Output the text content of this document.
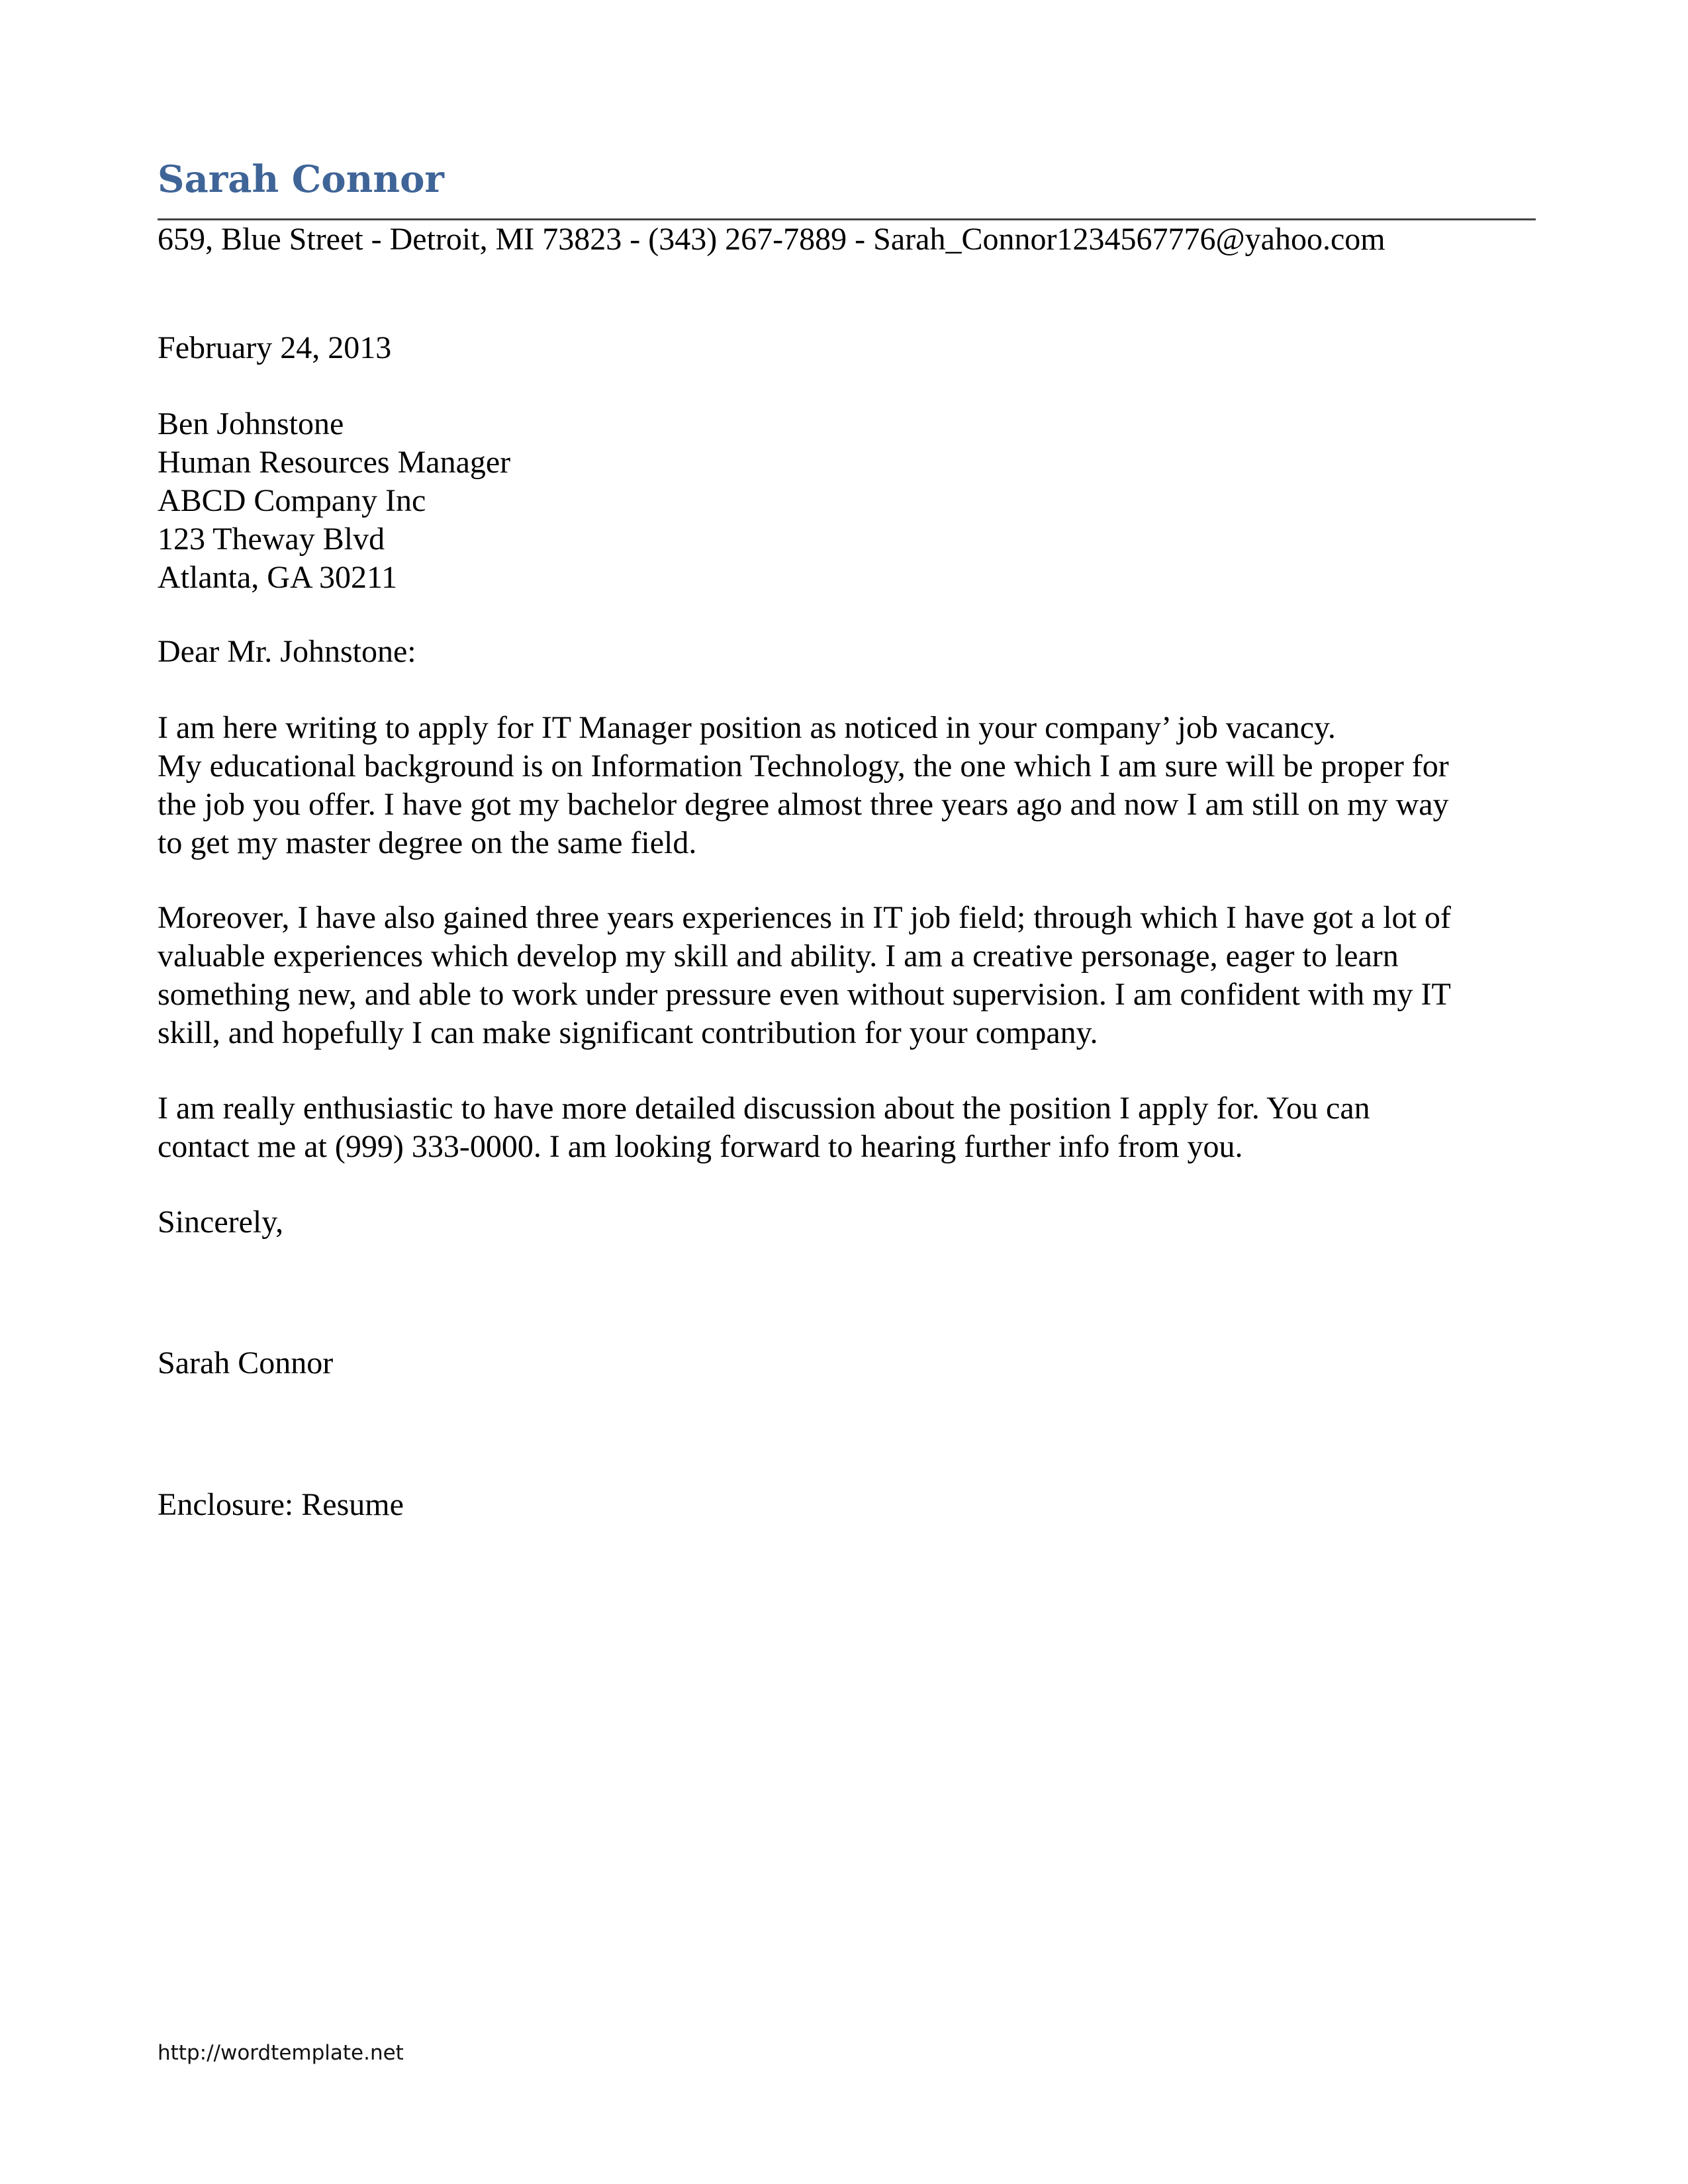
Sarah Connor

659, Blue Street - Detroit, MI 73823 - (343) 267-7889 - Sarah_Connor1234567776@yahoo.com

February 24, 2013

Ben Johnstone
Human Resources Manager
ABCD Company Inc
123 Theway Blvd
Atlanta, GA 30211

Dear Mr. Johnstone:

I am here writing to apply for IT Manager position as noticed in your company’ job vacancy.
My educational background is on Information Technology, the one which I am sure will be proper for
the job you offer. I have got my bachelor degree almost three years ago and now I am still on my way
to get my master degree on the same field.

Moreover, I have also gained three years experiences in IT job field; through which I have got a lot of
valuable experiences which develop my skill and ability. I am a creative personage, eager to learn
something new, and able to work under pressure even without supervision. I am confident with my IT
skill, and hopefully I can make significant contribution for your company.

I am really enthusiastic to have more detailed discussion about the position I apply for. You can
contact me at (999) 333-0000. I am looking forward to hearing further info from you.

Sincerely,

Sarah Connor

Enclosure: Resume

http://wordtemplate.net
